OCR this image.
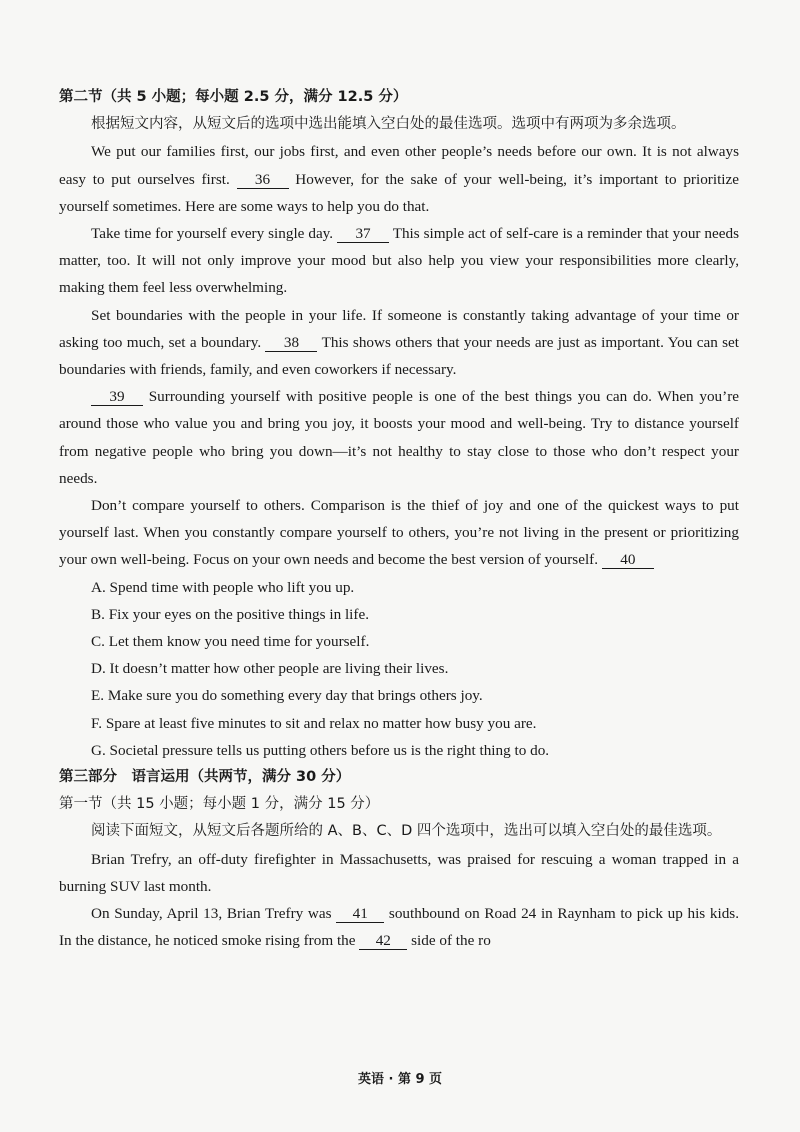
第二节（共 5 小题；每小题 2.5 分，满分 12.5 分）

根据短文内容，从短文后的选项中选出能填入空白处的最佳选项。选项中有两项为多余选项。

We put our families first, our jobs first, and even other people’s needs before our own. It is not always easy to put ourselves first. 36 However, for the sake of your well-being, it’s important to prioritize yourself sometimes. Here are some ways to help you do that.

Take time for yourself every single day. 37 This simple act of self-care is a reminder that your needs matter, too. It will not only improve your mood but also help you view your responsibilities more clearly, making them feel less overwhelming.

Set boundaries with the people in your life. If someone is constantly taking advantage of your time or asking too much, set a boundary. 38 This shows others that your needs are just as important. You can set boundaries with friends, family, and even coworkers if necessary.

39 Surrounding yourself with positive people is one of the best things you can do. When you’re around those who value you and bring you joy, it boosts your mood and well-being. Try to distance yourself from negative people who bring you down—it’s not healthy to stay close to those who don’t respect your needs.

Don’t compare yourself to others. Comparison is the thief of joy and one of the quickest ways to put yourself last. When you constantly compare yourself to others, you’re not living in the present or prioritizing your own well-being. Focus on your own needs and become the best version of yourself. 40

A. Spend time with people who lift you up.

B. Fix your eyes on the positive things in life.

C. Let them know you need time for yourself.

D. It doesn’t matter how other people are living their lives.

E. Make sure you do something every day that brings others joy.

F. Spare at least five minutes to sit and relax no matter how busy you are.

G. Societal pressure tells us putting others before us is the right thing to do.

第三部分　语言运用（共两节，满分 30 分）

第一节（共 15 小题；每小题 1 分，满分 15 分）

阅读下面短文，从短文后各题所给的 A、B、C、D 四个选项中，选出可以填入空白处的最佳选项。

Brian Trefry, an off-duty firefighter in Massachusetts, was praised for rescuing a woman trapped in a burning SUV last month.

On Sunday, April 13, Brian Trefry was 41 southbound on Road 24 in Raynham to pick up his kids. In the distance, he noticed smoke rising from the 42 side of the ro

英语 · 第 9 页
